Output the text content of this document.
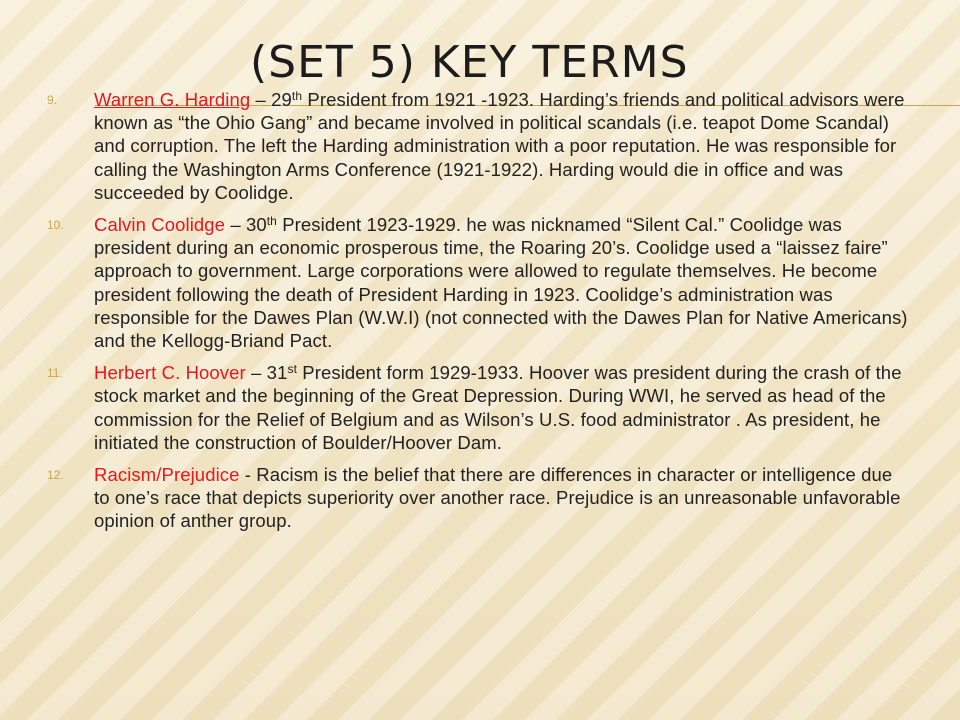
(SET 5) KEY TERMS
9.	Warren G. Harding – 29th President from 1921 -1923. Harding’s friends and political advisors were known as “the Ohio Gang” and became involved in political scandals (i.e. teapot Dome Scandal) and corruption. The left the Harding administration with a poor reputation. He was responsible for calling the Washington Arms Conference (1921-1922). Harding would die in office and was succeeded by Coolidge.
10.	Calvin Coolidge – 30th President 1923-1929. he was nicknamed “Silent Cal.” Coolidge was president during an economic prosperous time, the Roaring 20’s. Coolidge used a “laissez faire” approach to government. Large corporations were allowed to regulate themselves. He become president following the death of President Harding in 1923. Coolidge’s administration was responsible for the Dawes Plan (W.W.I) (not connected with the Dawes Plan for Native Americans) and the Kellogg-Briand Pact.
11.	Herbert C. Hoover – 31st President form 1929-1933. Hoover was president during the crash of the stock market and the beginning of the Great Depression. During WWI, he served as head of the commission for the Relief of Belgium and as Wilson’s U.S. food administrator . As president, he initiated the construction of Boulder/Hoover Dam.
12.	Racism/Prejudice - Racism is the belief that there are differences in character or intelligence due to one’s race that depicts superiority over another race. Prejudice is an unreasonable unfavorable opinion of anther group.
